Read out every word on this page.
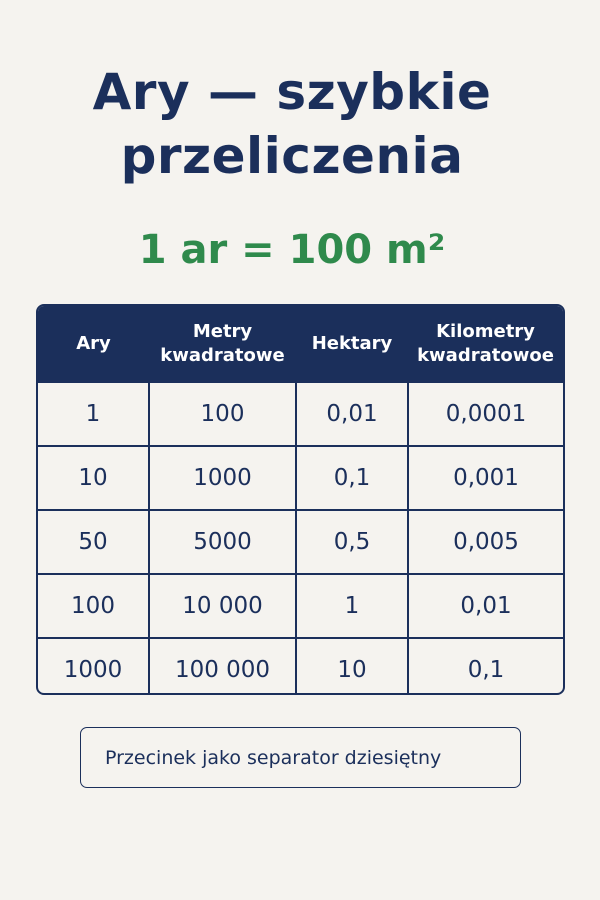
Ary — szybkie
przeliczenia
1 ar = 100 m²
Ary	Metry kwadratowe	Hektary	Kilometry kwadratowoe
1	100	0,01	0,0001
10	1000	0,1	0,001
50	5000	0,5	0,005
100	10 000	1	0,01
1000	100 000	10	0,1
Przecinek jako separator dziesiętny
